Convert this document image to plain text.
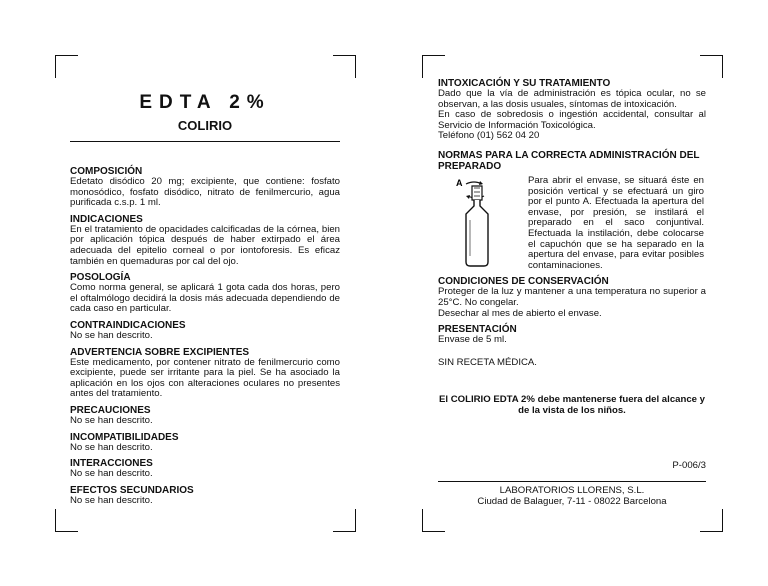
EDTA 2%
COLIRIO
COMPOSICIÓN

Edetato disódico 20 mg; excipiente, que contiene: fosfato monosódico, fosfato disódico, nitrato de fenilmercurio, agua purificada c.s.p. 1 ml.

INDICACIONES

En el tratamiento de opacidades calcificadas de la córnea, bien por aplicación tópica después de haber extirpado el área adecuada del epitelio corneal o por iontoforesis. Es eficaz también en quemaduras por cal del ojo.

POSOLOGÍA

Como norma general, se aplicará 1 gota cada dos horas, pero el oftalmólogo decidirá la dosis más adecuada dependiendo de cada caso en particular.

CONTRAINDICACIONES

No se han descrito.

ADVERTENCIA SOBRE EXCIPIENTES

Este medicamento, por contener nitrato de fenilmercurio como excipiente, puede ser irritante para la piel. Se ha asociado la aplicación en los ojos con alteraciones oculares no presentes antes del tratamiento.

PRECAUCIONES

No se han descrito.

INCOMPATIBILIDADES

No se han descrito.

INTERACCIONES

No se han descrito.

EFECTOS SECUNDARIOS

No se han descrito.

INTOXICACIÓN Y SU TRATAMIENTO

Dado que la vía de administración es tópica ocular, no se observan, a las dosis usuales, síntomas de intoxicación.

En caso de sobredosis o ingestión accidental, consultar al Servicio de Información Toxicológica.

Teléfono (01) 562 04 20

NORMAS PARA LA CORRECTA ADMINISTRACIÓN DEL PREPARADO
A	Para abrir el envase, se situará éste en posición vertical y se efectuará un giro por el punto A. Efectuada la apertura del envase, por presión, se instilará el preparado en el saco conjuntival. Efectuada la instilación, debe colocarse el capuchón que se ha separado en la apertura del envase, para evitar posibles contaminaciones.

CONDICIONES DE CONSERVACIÓN

Proteger de la luz y mantener a una temperatura no superior a 25°C. No congelar.

Desechar al mes de abierto el envase.

PRESENTACIÓN

Envase de 5 ml.

SIN RECETA MÉDICA.

El COLIRIO EDTA 2% debe mantenerse fuera del alcance y de la vista de los niños.
P-006/3
LABORATORIOS LLORENS, S.L.
Ciudad de Balaguer, 7-11 - 08022 Barcelona
